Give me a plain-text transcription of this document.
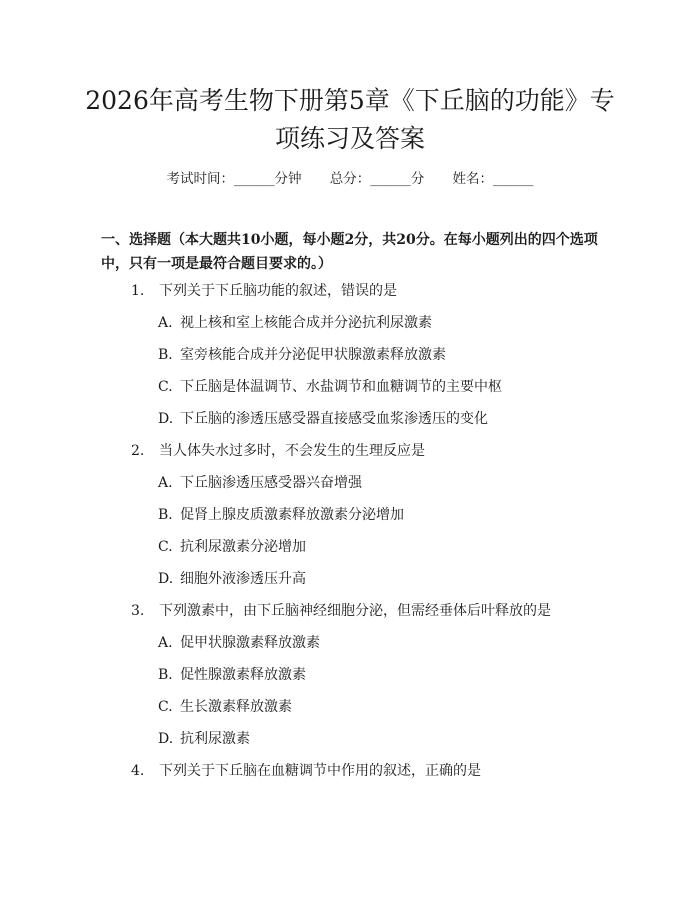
2026年高考生物下册第5章《下丘脑的功能》专项练习及答案
考试时间：______分钟 总分：______分 姓名：______

一、选择题（本大题共10小题，每小题2分，共20分。在每小题列出的四个选项中，只有一项是最符合题目要求的。）

1. 下列关于下丘脑功能的叙述，错误的是
A. 视上核和室上核能合成并分泌抗利尿激素
B. 室旁核能合成并分泌促甲状腺激素释放激素
C. 下丘脑是体温调节、水盐调节和血糖调节的主要中枢
D. 下丘脑的渗透压感受器直接感受血浆渗透压的变化
2. 当人体失水过多时，不会发生的生理反应是
A. 下丘脑渗透压感受器兴奋增强
B. 促肾上腺皮质激素释放激素分泌增加
C. 抗利尿激素分泌增加
D. 细胞外液渗透压升高
3. 下列激素中，由下丘脑神经细胞分泌，但需经垂体后叶释放的是
A. 促甲状腺激素释放激素
B. 促性腺激素释放激素
C. 生长激素释放激素
D. 抗利尿激素
4. 下列关于下丘脑在血糖调节中作用的叙述，正确的是
